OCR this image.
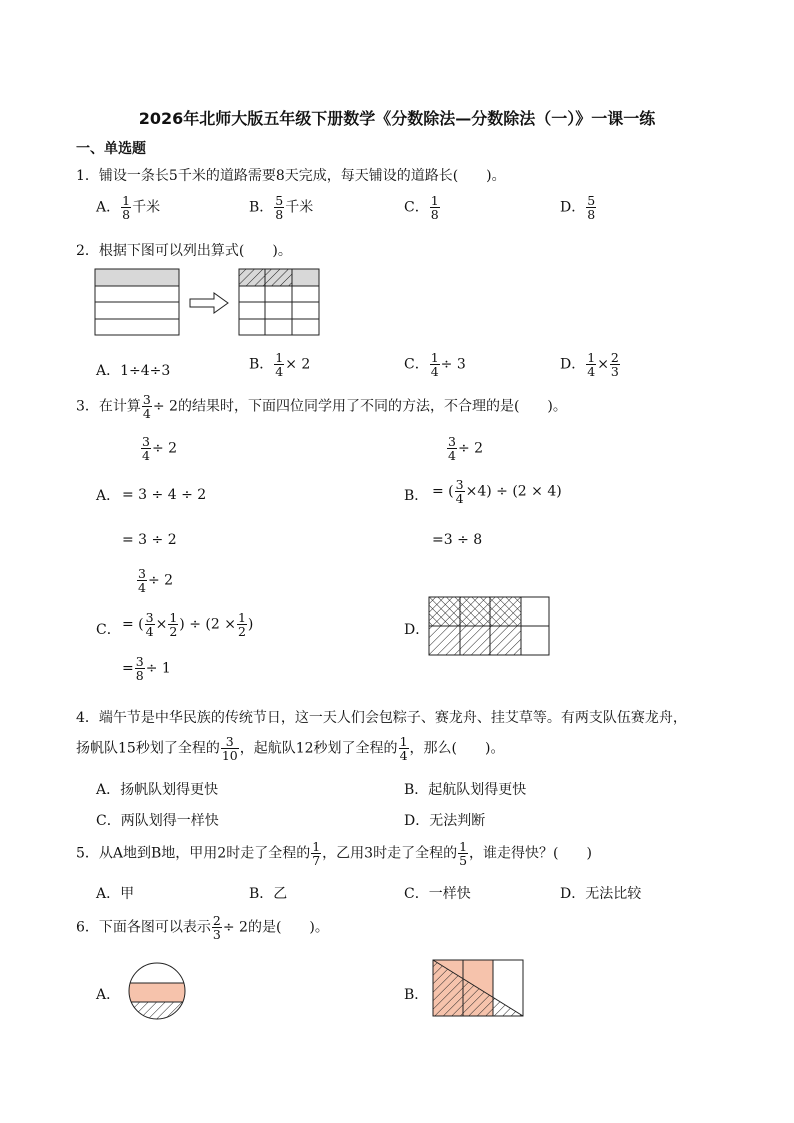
2026年北师大版五年级下册数学《分数除法—分数除法（一）》一课一练
一、单选题
1．铺设一条长5千米的道路需要8天完成，每天铺设的道路长(　　)。
A． $\frac{1}{8}$ 千米	B． $\frac{5}{8}$ 千米	C． $\frac{1}{8}$	D． $\frac{5}{8}$
2．根据下图可以列出算式(　　)。
A．1÷4÷3	B． $\frac{1}{4} \times 2$	C． $\frac{1}{4} \div 3$	D． $\frac{1}{4} \times \frac{2}{3}$
3．在计算 $\frac{3}{4} \div 2$的结果时，下面四位同学用了不同的方法，不合理的是(　　)。
$\frac{3}{4} \div 2$
A． = 3 ÷ 4 ÷ 2
= 3 ÷ 2
$\frac{3}{4} \div 2$
B． = ( $\frac{3}{4} \times 4) \div (2 \times 4)$
=3 ÷ 8
$\frac{3}{4} \div 2$
C． = ( $\frac{3}{4} \times \frac{1}{2}$ ) ÷ ($2 \times \frac{1}{2}$ )
= $\frac{3}{8} \div 1$
D．
4．端午节是中华民族的传统节日，这一天人们会包粽子、赛龙舟、挂艾草等。有两支队伍赛龙舟，
扬帆队15秒划了全程的 $\frac{3}{10}$ ，起航队12秒划了全程的 $\frac{1}{4}$ ，那么(　　)。
A．扬帆队划得更快	B．起航队划得更快
C．两队划得一样快	D．无法判断
5．从A地到B地，甲用2时走了全程的 $\frac{1}{7}$ ，乙用3时走了全程的 $\frac{1}{5}$ ，谁走得快？(　　)
A．甲	B．乙	C．一样快	D．无法比较
6．下面各图可以表示 $\frac{2}{3} \div 2$的是(　　)。
A．	B．
